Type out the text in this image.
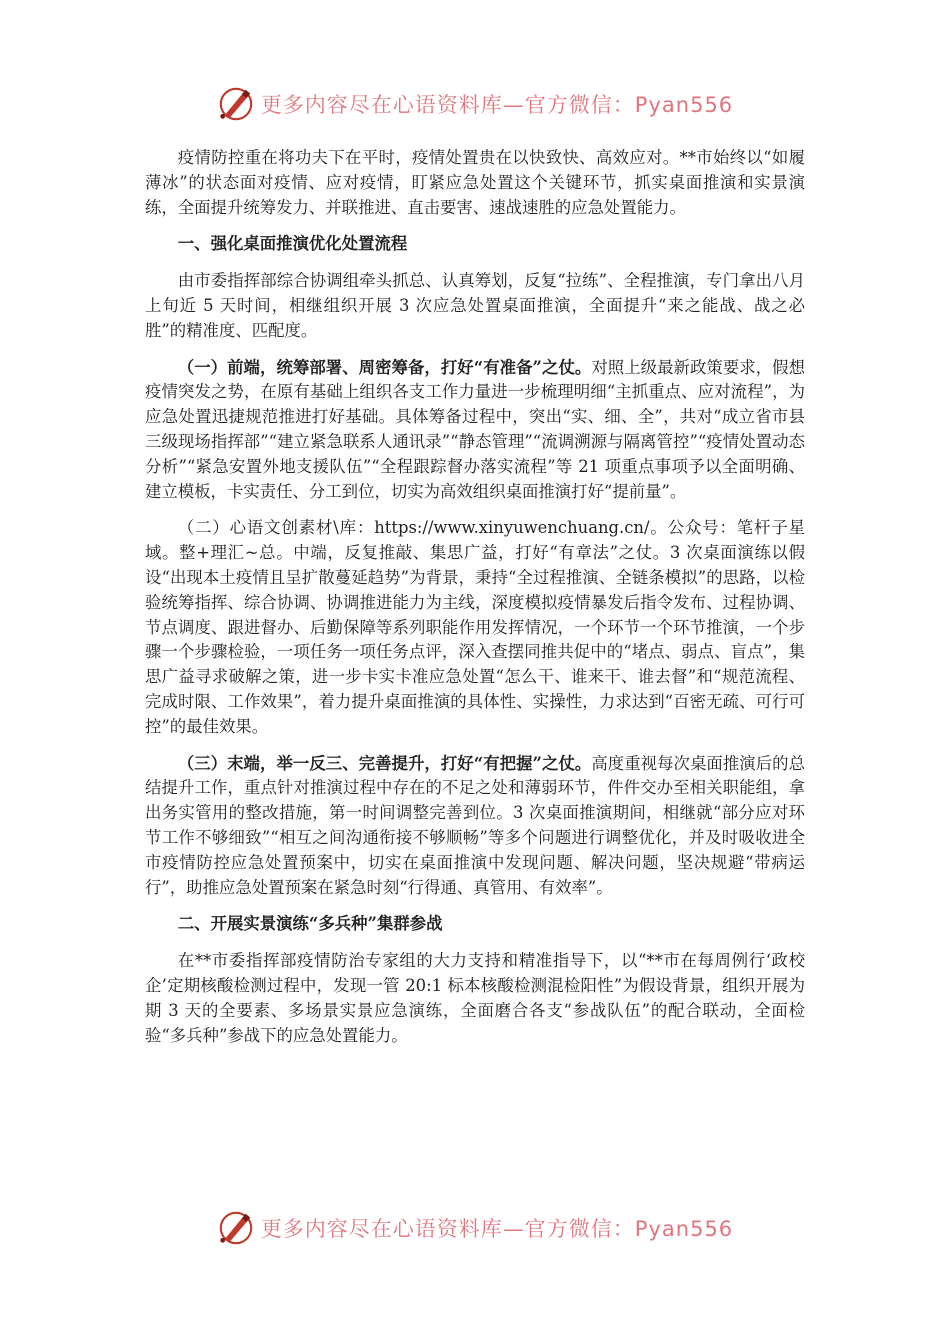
更多内容尽在心语资料库—官方微信：Pyan556

疫情防控重在将功夫下在平时，疫情处置贵在以快致快、高效应对。**市始终以“如履薄冰”的状态面对疫情、应对疫情，盯紧应急处置这个关键环节，抓实桌面推演和实景演练，全面提升统筹发力、并联推进、直击要害、速战速胜的应急处置能力。

一、强化桌面推演优化处置流程

由市委指挥部综合协调组牵头抓总、认真筹划，反复“拉练”、全程推演，专门拿出八月上旬近 5 天时间，相继组织开展 3 次应急处置桌面推演，全面提升“来之能战、战之必胜”的精准度、匹配度。

（一）前端，统筹部署、周密筹备，打好“有准备”之仗。对照上级最新政策要求，假想疫情突发之势，在原有基础上组织各支工作力量进一步梳理明细“主抓重点、应对流程”，为应急处置迅捷规范推进打好基础。具体筹备过程中，突出“实、细、全”，共对“成立省市县三级现场指挥部”“建立紧急联系人通讯录”“静态管理”“流调溯源与隔离管控”“疫情处置动态分析”“紧急安置外地支援队伍”“全程跟踪督办落实流程”等 21 项重点事项予以全面明确、建立模板，卡实责任、分工到位，切实为高效组织桌面推演打好“提前量”。

（二）心语文创素材\库：https://www.xinyuwenchuang.cn/。公众号：笔杆子星域。整+理汇~总。中端，反复推敲、集思广益，打好“有章法”之仗。3 次桌面演练以假设“出现本土疫情且呈扩散蔓延趋势”为背景，秉持“全过程推演、全链条模拟”的思路，以检验统筹指挥、综合协调、协调推进能力为主线，深度模拟疫情暴发后指令发布、过程协调、节点调度、跟进督办、后勤保障等系列职能作用发挥情况，一个环节一个环节推演，一个步骤一个步骤检验，一项任务一项任务点评，深入查摆同推共促中的“堵点、弱点、盲点”，集思广益寻求破解之策，进一步卡实卡准应急处置“怎么干、谁来干、谁去督”和“规范流程、完成时限、工作效果”，着力提升桌面推演的具体性、实操性，力求达到“百密无疏、可行可控”的最佳效果。

（三）末端，举一反三、完善提升，打好“有把握”之仗。高度重视每次桌面推演后的总结提升工作，重点针对推演过程中存在的不足之处和薄弱环节，件件交办至相关职能组，拿出务实管用的整改措施，第一时间调整完善到位。3 次桌面推演期间，相继就“部分应对环节工作不够细致”“相互之间沟通衔接不够顺畅”等多个问题进行调整优化，并及时吸收进全市疫情防控应急处置预案中，切实在桌面推演中发现问题、解决问题，坚决规避“带病运行”，助推应急处置预案在紧急时刻“行得通、真管用、有效率”。

二、开展实景演练“多兵种”集群参战

在**市委指挥部疫情防治专家组的大力支持和精准指导下，以“**市在每周例行‘政校企’定期核酸检测过程中，发现一管 20:1 标本核酸检测混检阳性”为假设背景，组织开展为期 3 天的全要素、多场景实景应急演练，全面磨合各支“参战队伍”的配合联动，全面检验“多兵种”参战下的应急处置能力。

更多内容尽在心语资料库—官方微信：Pyan556
